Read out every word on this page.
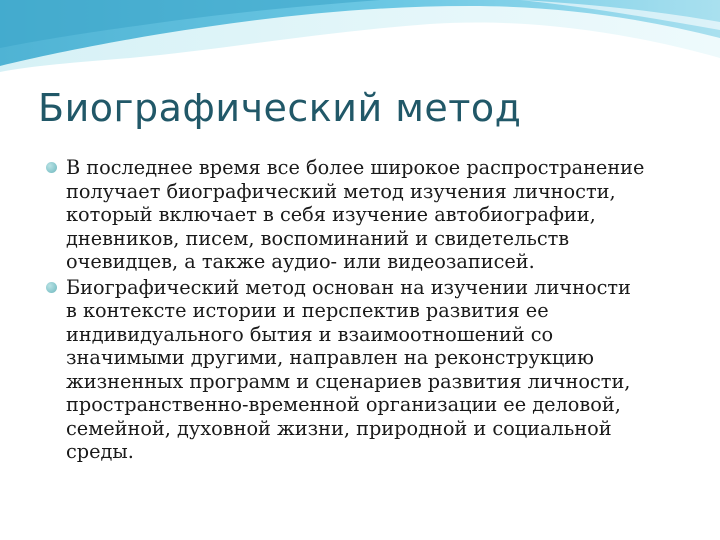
Биографический метод
В последнее время все более широкое распространение
получает биографический метод изучения личности,
который включает в себя изучение автобиографии,
дневников, писем, воспоминаний и свидетельств
очевидцев, а также аудио- или видеозаписей.
Биографический метод основан на изучении личности
в контексте истории и перспектив развития ее
индивидуального бытия и взаимоотношений со
значимыми другими, направлен на реконструкцию
жизненных программ и сценариев развития личности,
пространственно-временной организации ее деловой,
семейной, духовной жизни, природной и социальной
среды.
